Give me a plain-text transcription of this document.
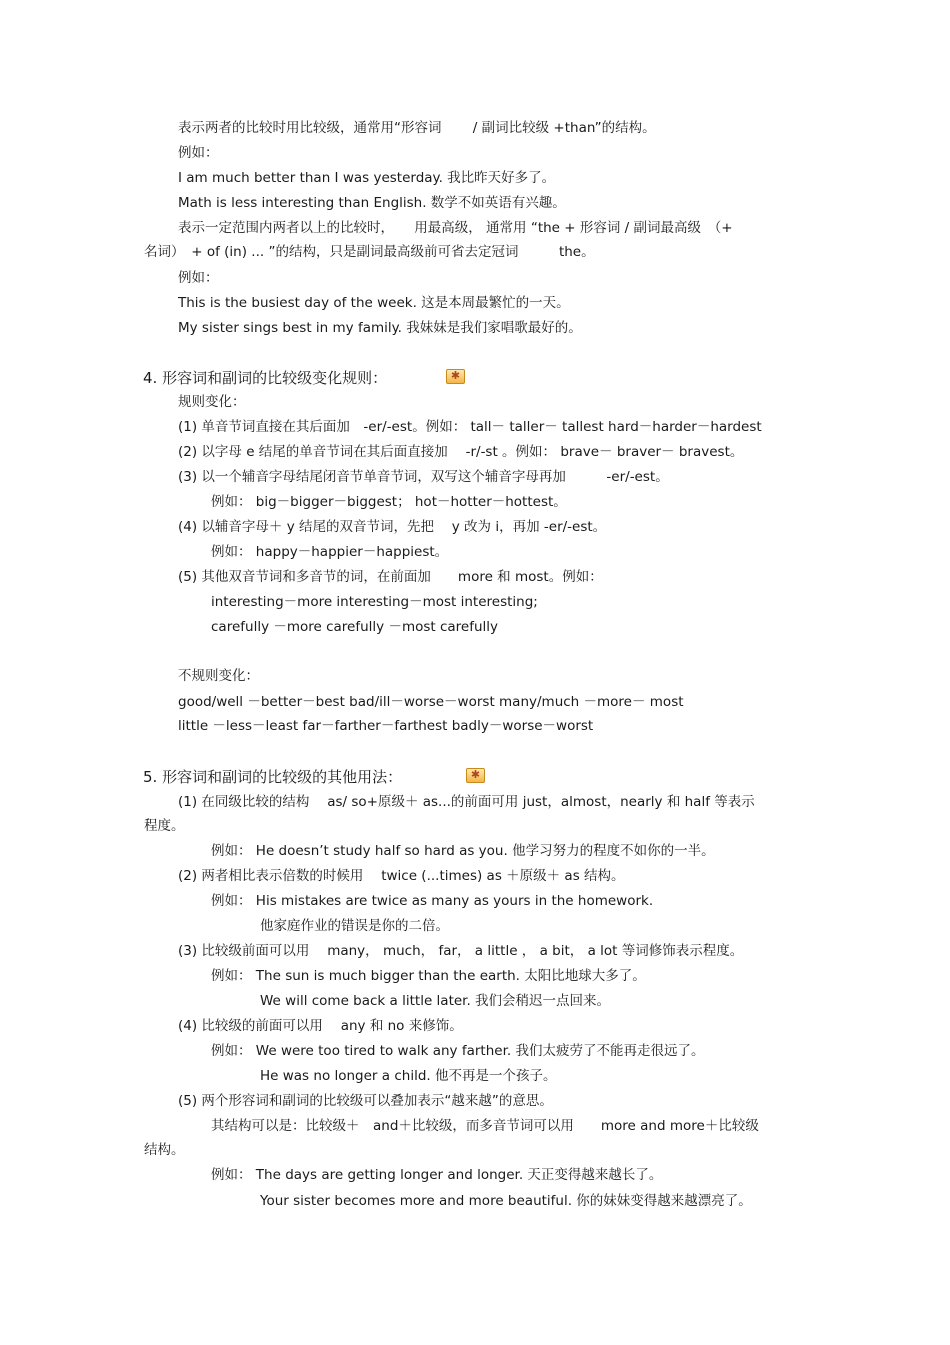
表示两者的比较时用比较级，通常用“形容词　　 / 副词比较级 +than”的结构。
例如：
I am much better than I was yesterday. 我比昨天好多了。
Math is less interesting than English. 数学不如英语有兴趣。
表示一定范围内两者以上的比较时，　　用最高级， 通常用 “the + 形容词 / 副词最高级　（+
名词）　+ of (in) ... ”的结构，只是副词最高级前可省去定冠词　　　the。
例如：
This is the busiest day of the week. 这是本周最繁忙的一天。
My sister sings best in my family. 我妹妹是我们家唱歌最好的。
4. 形容词和副词的比较级变化规则：
✱
规则变化：
(1) 单音节词直接在其后面加　-er/-est。例如： tall－ taller－ tallest hard－harder－hardest
(2) 以字母 e 结尾的单音节词在其后面直接加　 -r/-st 。例如： brave－ braver－ bravest。
(3) 以一个辅音字母结尾闭音节单音节词，双写这个辅音字母再加　　　-er/-est。
例如： big－bigger－biggest； hot－hotter－hottest。
(4) 以辅音字母＋ y 结尾的双音节词，先把　 y 改为 i，再加 -er/-est。
例如： happy－happier－happiest。
(5) 其他双音节词和多音节的词，在前面加　　more 和 most。例如：
interesting－more interesting－most interesting;
carefully －more carefully －most carefully
不规则变化：
good/well －better－best bad/ill－worse－worst many/much －more－ most
little －less－least far－farther－farthest badly－worse－worst
5. 形容词和副词的比较级的其他用法：
✱
(1) 在同级比较的结构　 as/ so+原级＋ as...的前面可用 just，almost，nearly 和 half 等表示
程度。
例如： He doesn’t study half so hard as you. 他学习努力的程度不如你的一半。
(2) 两者相比表示倍数的时候用　 twice (...times) as ＋原级＋ as 结构。
例如： His mistakes are twice as many as yours in the homework.
他家庭作业的错误是你的二倍。
(3) 比较级前面可以用　 many， much， far， a little ， a bit， a lot 等词修饰表示程度。
例如： The sun is much bigger than the earth. 太阳比地球大多了。
We will come back a little later. 我们会稍迟一点回来。
(4) 比较级的前面可以用　 any 和 no 来修饰。
例如： We were too tired to walk any farther. 我们太疲劳了不能再走很远了。
He was no longer a child. 他不再是一个孩子。
(5) 两个形容词和副词的比较级可以叠加表示“越来越”的意思。
其结构可以是：比较级＋　and＋比较级，而多音节词可以用　　more and more＋比较级
结构。
例如： The days are getting longer and longer. 天正变得越来越长了。
Your sister becomes more and more beautiful. 你的妹妹变得越来越漂亮了。
